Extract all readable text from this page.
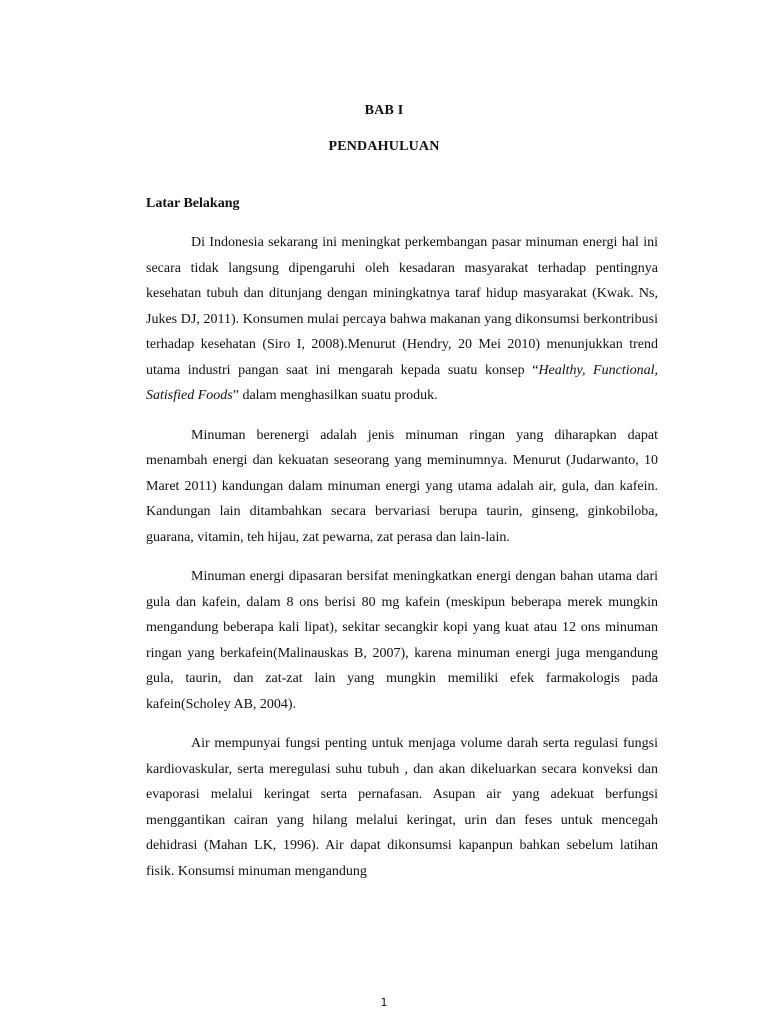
BAB I
PENDAHULUAN
Latar Belakang

Di Indonesia sekarang ini meningkat perkembangan pasar minuman energi hal ini secara tidak langsung dipengaruhi oleh kesadaran masyarakat terhadap pentingnya kesehatan tubuh dan ditunjang dengan miningkatnya taraf hidup masyarakat (Kwak. Ns, Jukes DJ, 2011). Konsumen mulai percaya bahwa makanan yang dikonsumsi berkontribusi terhadap kesehatan (Siro I, 2008).Menurut (Hendry, 20 Mei 2010) menunjukkan trend utama industri pangan saat ini mengarah kepada suatu konsep “Healthy, Functional, Satisfied Foods” dalam menghasilkan suatu produk.

Minuman berenergi adalah jenis minuman ringan yang diharapkan dapat menambah energi dan kekuatan seseorang yang meminumnya. Menurut (Judarwanto, 10 Maret 2011) kandungan dalam minuman energi yang utama adalah air, gula, dan kafein. Kandungan lain ditambahkan secara bervariasi berupa taurin, ginseng, ginkobiloba, guarana, vitamin, teh hijau, zat pewarna, zat perasa dan lain-lain.

Minuman energi dipasaran bersifat meningkatkan energi dengan bahan utama dari gula dan kafein, dalam 8 ons berisi 80 mg kafein (meskipun beberapa merek mungkin mengandung beberapa kali lipat), sekitar secangkir kopi yang kuat atau 12 ons minuman ringan yang berkafein(Malinauskas B, 2007), karena minuman energi juga mengandung gula, taurin, dan zat-zat lain yang mungkin memiliki efek farmakologis pada kafein(Scholey AB, 2004).

Air mempunyai fungsi penting untuk menjaga volume darah serta regulasi fungsi kardiovaskular, serta meregulasi suhu tubuh , dan akan dikeluarkan secara konveksi dan evaporasi melalui keringat serta pernafasan. Asupan air yang adekuat berfungsi menggantikan cairan yang hilang melalui keringat, urin dan feses untuk mencegah dehidrasi (Mahan LK, 1996). Air dapat dikonsumsi kapanpun bahkan sebelum latihan fisik. Konsumsi minuman mengandung

1
